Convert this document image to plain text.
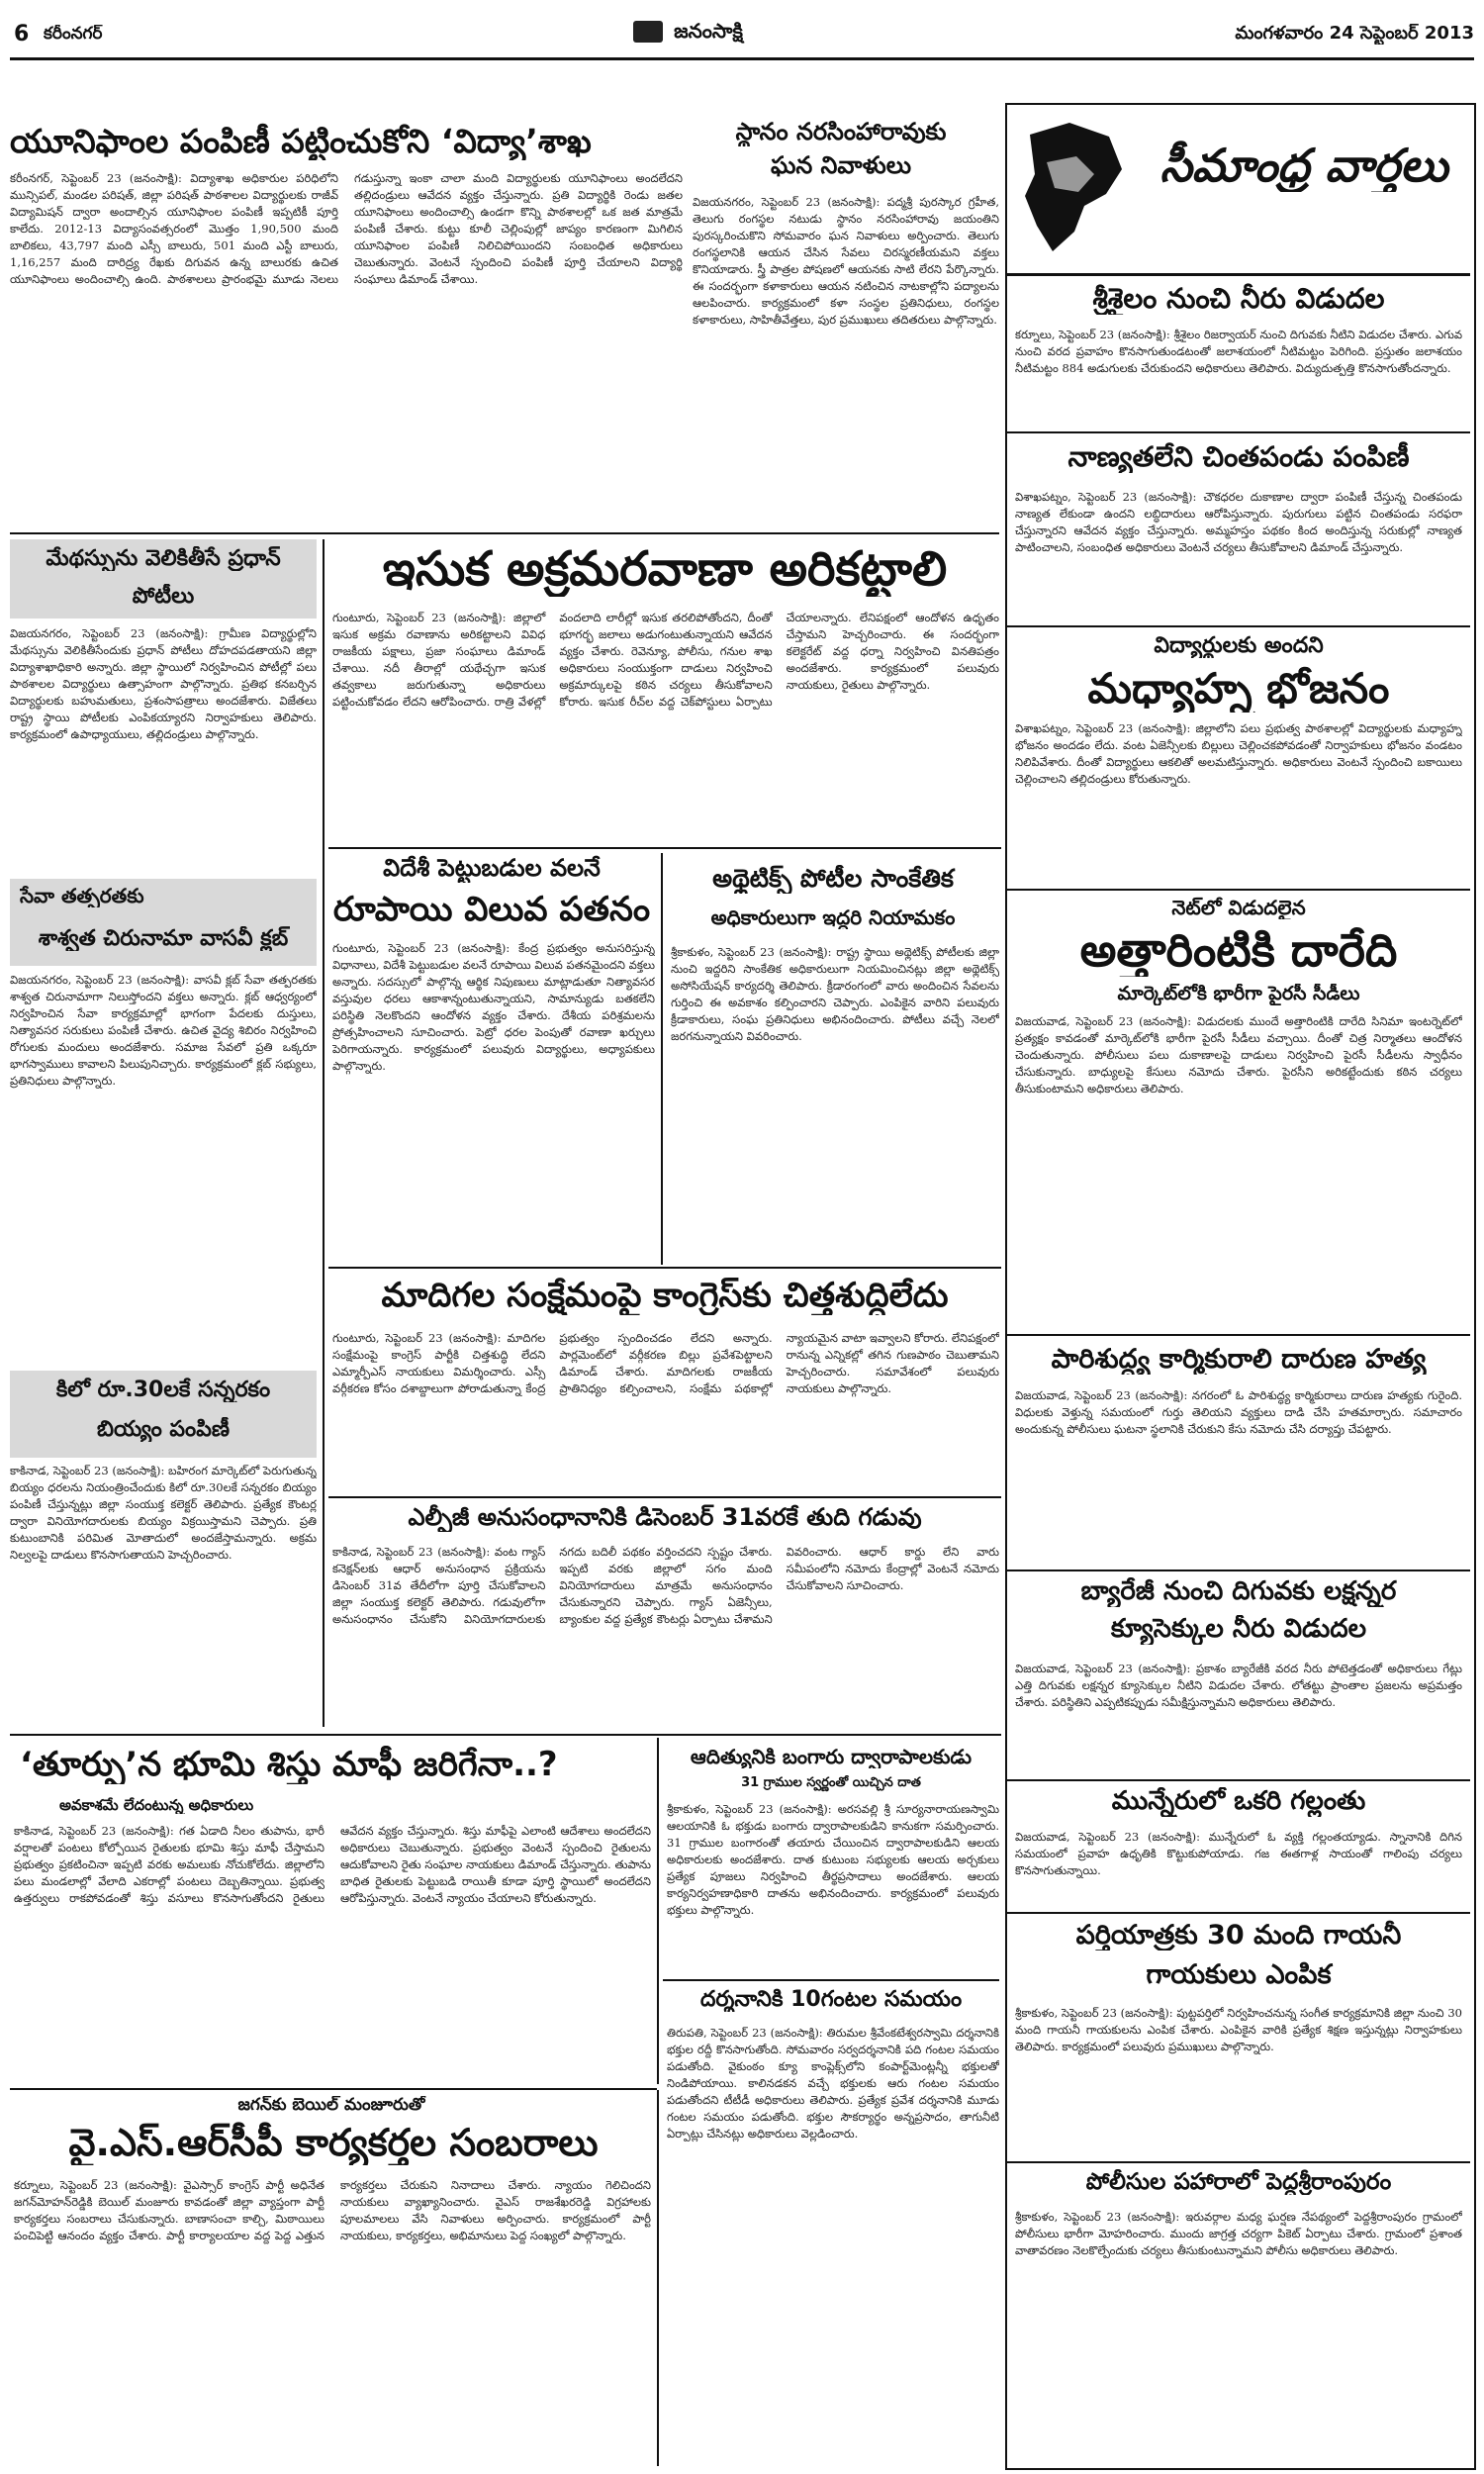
6 కరీంనగర్	జనంసాక్షి	మంగళవారం 24 సెప్టెంబర్ 2013
యూనిఫాంల పంపిణీ పట్టించుకోని ‘విద్యా’శాఖ
కరీంనగర్, సెప్టెంబర్ 23 (జనంసాక్షి): విద్యాశాఖ అధికారుల పరిధిలోని మున్సిపల్, మండల పరిషత్, జిల్లా పరిషత్ పాఠశాలల విద్యార్థులకు రాజీవ్ విద్యామిషన్ ద్వారా అందాల్సిన యూనిఫాంల పంపిణీ ఇప్పటికీ పూర్తి కాలేదు. 2012-13 విద్యాసంవత్సరంలో మొత్తం 1,90,500 మంది బాలికలు, 43,797 మంది ఎస్సీ బాలురు, 501 మంది ఎస్టీ బాలురు, 1,16,257 మంది దారిద్ర్య రేఖకు దిగువన ఉన్న బాలురకు ఉచిత యూనిఫాంలు అందించాల్సి ఉంది. పాఠశాలలు ప్రారంభమై మూడు నెలలు గడుస్తున్నా ఇంకా చాలా మంది విద్యార్థులకు యూనిఫాంలు అందలేదని తల్లిదండ్రులు ఆవేదన వ్యక్తం చేస్తున్నారు. ప్రతి విద్యార్థికి రెండు జతల యూనిఫాంలు అందించాల్సి ఉండగా కొన్ని పాఠశాలల్లో ఒక జత మాత్రమే పంపిణీ చేశారు. కుట్టు కూలీ చెల్లింపుల్లో జాప్యం కారణంగా మిగిలిన యూనిఫాంల పంపిణీ నిలిచిపోయిందని సంబంధిత అధికారులు చెబుతున్నారు. వెంటనే స్పందించి పంపిణీ పూర్తి చేయాలని విద్యార్థి సంఘాలు డిమాండ్ చేశాయి.
స్థానం నరసింహారావుకు
ఘన నివాళులు
విజయనగరం, సెప్టెంబర్ 23 (జనంసాక్షి): పద్మశ్రీ పురస్కార గ్రహీత, తెలుగు రంగస్థల నటుడు స్థానం నరసింహారావు జయంతిని పురస్కరించుకొని సోమవారం ఘన నివాళులు అర్పించారు. తెలుగు రంగస్థలానికి ఆయన చేసిన సేవలు చిరస్మరణీయమని వక్తలు కొనియాడారు. స్త్రీ పాత్రల పోషణలో ఆయనకు సాటి లేరని పేర్కొన్నారు. ఈ సందర్భంగా కళాకారులు ఆయన నటించిన నాటకాల్లోని పద్యాలను ఆలపించారు. కార్యక్రమంలో కళా సంస్థల ప్రతినిధులు, రంగస్థల కళాకారులు, సాహితీవేత్తలు, పుర ప్రముఖులు తదితరులు పాల్గొన్నారు.
మేథస్సును వెలికితీసే ప్రధాన్
పోటీలు
విజయనగరం, సెప్టెంబర్ 23 (జనంసాక్షి): గ్రామీణ విద్యార్థుల్లోని మేథస్సును వెలికితీసేందుకు ప్రధాన్ పోటీలు దోహదపడతాయని జిల్లా విద్యాశాఖాధికారి అన్నారు. జిల్లా స్థాయిలో నిర్వహించిన పోటీల్లో పలు పాఠశాలల విద్యార్థులు ఉత్సాహంగా పాల్గొన్నారు. ప్రతిభ కనబర్చిన విద్యార్థులకు బహుమతులు, ప్రశంసాపత్రాలు అందజేశారు. విజేతలు రాష్ట్ర స్థాయి పోటీలకు ఎంపికయ్యారని నిర్వాహకులు తెలిపారు. కార్యక్రమంలో ఉపాధ్యాయులు, తల్లిదండ్రులు పాల్గొన్నారు.
సేవా తత్పరతకు
శాశ్వత చిరునామా వాసవీ క్లబ్
విజయనగరం, సెప్టెంబర్ 23 (జనంసాక్షి): వాసవీ క్లబ్ సేవా తత్పరతకు శాశ్వత చిరునామాగా నిలుస్తోందని వక్తలు అన్నారు. క్లబ్ ఆధ్వర్యంలో నిర్వహించిన సేవా కార్యక్రమాల్లో భాగంగా పేదలకు దుస్తులు, నిత్యావసర సరుకులు పంపిణీ చేశారు. ఉచిత వైద్య శిబిరం నిర్వహించి రోగులకు మందులు అందజేశారు. సమాజ సేవలో ప్రతి ఒక్కరూ భాగస్వాములు కావాలని పిలుపునిచ్చారు. కార్యక్రమంలో క్లబ్ సభ్యులు, ప్రతినిధులు పాల్గొన్నారు.
కిలో రూ.30లకే సన్నరకం
బియ్యం పంపిణీ
కాకినాడ, సెప్టెంబర్ 23 (జనంసాక్షి): బహిరంగ మార్కెట్‌లో పెరుగుతున్న బియ్యం ధరలను నియంత్రించేందుకు కిలో రూ.30లకే సన్నరకం బియ్యం పంపిణీ చేస్తున్నట్లు జిల్లా సంయుక్త కలెక్టర్ తెలిపారు. ప్రత్యేక కౌంటర్ల ద్వారా వినియోగదారులకు బియ్యం విక్రయిస్తామని చెప్పారు. ప్రతి కుటుంబానికి పరిమిత మోతాదులో అందజేస్తామన్నారు. అక్రమ నిల్వలపై దాడులు కొనసాగుతాయని హెచ్చరించారు.
ఇసుక అక్రమరవాణా అరికట్టాలి
గుంటూరు, సెప్టెంబర్ 23 (జనంసాక్షి): జిల్లాలో ఇసుక అక్రమ రవాణాను అరికట్టాలని వివిధ రాజకీయ పక్షాలు, ప్రజా సంఘాలు డిమాండ్ చేశాయి. నదీ తీరాల్లో యథేచ్ఛగా ఇసుక తవ్వకాలు జరుగుతున్నా అధికారులు పట్టించుకోవడం లేదని ఆరోపించారు. రాత్రి వేళల్లో వందలాది లారీల్లో ఇసుక తరలిపోతోందని, దీంతో భూగర్భ జలాలు అడుగంటుతున్నాయని ఆవేదన వ్యక్తం చేశారు. రెవెన్యూ, పోలీసు, గనుల శాఖ అధికారులు సంయుక్తంగా దాడులు నిర్వహించి అక్రమార్కులపై కఠిన చర్యలు తీసుకోవాలని కోరారు. ఇసుక రీచ్‌ల వద్ద చెక్‌పోస్టులు ఏర్పాటు చేయాలన్నారు. లేనిపక్షంలో ఆందోళన ఉధృతం చేస్తామని హెచ్చరించారు. ఈ సందర్భంగా కలెక్టరేట్ వద్ద ధర్నా నిర్వహించి వినతిపత్రం అందజేశారు. కార్యక్రమంలో పలువురు నాయకులు, రైతులు పాల్గొన్నారు.
విదేశీ పెట్టుబడుల వలనే
రూపాయి విలువ పతనం
గుంటూరు, సెప్టెంబర్ 23 (జనంసాక్షి): కేంద్ర ప్రభుత్వం అనుసరిస్తున్న విధానాలు, విదేశీ పెట్టుబడుల వలనే రూపాయి విలువ పతనమైందని వక్తలు అన్నారు. సదస్సులో పాల్గొన్న ఆర్థిక నిపుణులు మాట్లాడుతూ నిత్యావసర వస్తువుల ధరలు ఆకాశాన్నంటుతున్నాయని, సామాన్యుడు బతకలేని పరిస్థితి నెలకొందని ఆందోళన వ్యక్తం చేశారు. దేశీయ పరిశ్రమలను ప్రోత్సహించాలని సూచించారు. పెట్రో ధరల పెంపుతో రవాణా ఖర్చులు పెరిగాయన్నారు. కార్యక్రమంలో పలువురు విద్యార్థులు, అధ్యాపకులు పాల్గొన్నారు.
అథ్లెటిక్స్ పోటీల సాంకేతిక
అధికారులుగా ఇద్దరి నియామకం
శ్రీకాకుళం, సెప్టెంబర్ 23 (జనంసాక్షి): రాష్ట్ర స్థాయి అథ్లెటిక్స్ పోటీలకు జిల్లా నుంచి ఇద్దరిని సాంకేతిక అధికారులుగా నియమించినట్లు జిల్లా అథ్లెటిక్స్ అసోసియేషన్ కార్యదర్శి తెలిపారు. క్రీడారంగంలో వారు అందించిన సేవలను గుర్తించి ఈ అవకాశం కల్పించారని చెప్పారు. ఎంపికైన వారిని పలువురు క్రీడాకారులు, సంఘ ప్రతినిధులు అభినందించారు. పోటీలు వచ్చే నెలలో జరగనున్నాయని వివరించారు.
మాదిగల సంక్షేమంపై కాంగ్రెస్‌కు చిత్తశుద్ధిలేదు
గుంటూరు, సెప్టెంబర్ 23 (జనంసాక్షి): మాదిగల సంక్షేమంపై కాంగ్రెస్ పార్టీకి చిత్తశుద్ధి లేదని ఎమ్మార్పీఎస్ నాయకులు విమర్శించారు. ఎస్సీ వర్గీకరణ కోసం దశాబ్దాలుగా పోరాడుతున్నా కేంద్ర ప్రభుత్వం స్పందించడం లేదని అన్నారు. పార్లమెంట్‌లో వర్గీకరణ బిల్లు ప్రవేశపెట్టాలని డిమాండ్ చేశారు. మాదిగలకు రాజకీయ ప్రాతినిధ్యం కల్పించాలని, సంక్షేమ పథకాల్లో న్యాయమైన వాటా ఇవ్వాలని కోరారు. లేనిపక్షంలో రానున్న ఎన్నికల్లో తగిన గుణపాఠం చెబుతామని హెచ్చరించారు. సమావేశంలో పలువురు నాయకులు పాల్గొన్నారు.
ఎల్పీజీ అనుసంధానానికి డిసెంబర్ 31వరకే తుది గడువు
కాకినాడ, సెప్టెంబర్ 23 (జనంసాక్షి): వంట గ్యాస్ కనెక్షన్‌లకు ఆధార్ అనుసంధాన ప్రక్రియను డిసెంబర్ 31వ తేదీలోగా పూర్తి చేసుకోవాలని జిల్లా సంయుక్త కలెక్టర్ తెలిపారు. గడువులోగా అనుసంధానం చేసుకోని వినియోగదారులకు నగదు బదిలీ పథకం వర్తించదని స్పష్టం చేశారు. ఇప్పటి వరకు జిల్లాలో సగం మంది వినియోగదారులు మాత్రమే అనుసంధానం చేసుకున్నారని చెప్పారు. గ్యాస్ ఏజెన్సీలు, బ్యాంకుల వద్ద ప్రత్యేక కౌంటర్లు ఏర్పాటు చేశామని వివరించారు. ఆధార్ కార్డు లేని వారు సమీపంలోని నమోదు కేంద్రాల్లో వెంటనే నమోదు చేసుకోవాలని సూచించారు.
‘తూర్పు’న భూమి శిస్తు మాఫీ జరిగేనా..?
అవకాశమే లేదంటున్న అధికారులు
కాకినాడ, సెప్టెంబర్ 23 (జనంసాక్షి): గత ఏడాది నీలం తుపాను, భారీ వర్షాలతో పంటలు కోల్పోయిన రైతులకు భూమి శిస్తు మాఫీ చేస్తామని ప్రభుత్వం ప్రకటించినా ఇప్పటి వరకు అమలుకు నోచుకోలేదు. జిల్లాలోని పలు మండలాల్లో వేలాది ఎకరాల్లో పంటలు దెబ్బతిన్నాయి. ప్రభుత్వ ఉత్తర్వులు రాకపోవడంతో శిస్తు వసూలు కొనసాగుతోందని రైతులు ఆవేదన వ్యక్తం చేస్తున్నారు. శిస్తు మాఫీపై ఎలాంటి ఆదేశాలు అందలేదని అధికారులు చెబుతున్నారు. ప్రభుత్వం వెంటనే స్పందించి రైతులను ఆదుకోవాలని రైతు సంఘాల నాయకులు డిమాండ్ చేస్తున్నారు. తుపాను బాధిత రైతులకు పెట్టుబడి రాయితీ కూడా పూర్తి స్థాయిలో అందలేదని ఆరోపిస్తున్నారు. వెంటనే న్యాయం చేయాలని కోరుతున్నారు.
ఆదిత్యునికి బంగారు ద్వారాపాలకుడు
31 గ్రాముల స్వర్ణంతో యిచ్చిన దాత
శ్రీకాకుళం, సెప్టెంబర్ 23 (జనంసాక్షి): అరసవల్లి శ్రీ సూర్యనారాయణస్వామి ఆలయానికి ఓ భక్తుడు బంగారు ద్వారాపాలకుడిని కానుకగా సమర్పించారు. 31 గ్రాముల బంగారంతో తయారు చేయించిన ద్వారాపాలకుడిని ఆలయ అధికారులకు అందజేశారు. దాత కుటుంబ సభ్యులకు ఆలయ అర్చకులు ప్రత్యేక పూజలు నిర్వహించి తీర్థప్రసాదాలు అందజేశారు. ఆలయ కార్యనిర్వహణాధికారి దాతను అభినందించారు. కార్యక్రమంలో పలువురు భక్తులు పాల్గొన్నారు.
దర్శనానికి 10గంటల సమయం
తిరుపతి, సెప్టెంబర్ 23 (జనంసాక్షి): తిరుమల శ్రీవేంకటేశ్వరస్వామి దర్శనానికి భక్తుల రద్దీ కొనసాగుతోంది. సోమవారం సర్వదర్శనానికి పది గంటల సమయం పడుతోంది. వైకుంఠం క్యూ కాంప్లెక్స్‌లోని కంపార్ట్‌మెంట్లన్నీ భక్తులతో నిండిపోయాయి. కాలినడకన వచ్చే భక్తులకు ఆరు గంటల సమయం పడుతోందని టీటీడీ అధికారులు తెలిపారు. ప్రత్యేక ప్రవేశ దర్శనానికి మూడు గంటల సమయం పడుతోంది. భక్తుల సౌకర్యార్థం అన్నప్రసాదం, తాగునీటి ఏర్పాట్లు చేసినట్లు అధికారులు వెల్లడించారు.
జగన్‌కు బెయిల్ మంజూరుతో
వై.ఎస్.ఆర్‌సీపీ కార్యకర్తల సంబరాలు
కర్నూలు, సెప్టెంబర్ 23 (జనంసాక్షి): వైఎస్సార్ కాంగ్రెస్ పార్టీ అధినేత జగన్‌మోహన్‌రెడ్డికి బెయిల్ మంజూరు కావడంతో జిల్లా వ్యాప్తంగా పార్టీ కార్యకర్తలు సంబరాలు చేసుకున్నారు. బాణాసంచా కాల్చి, మిఠాయిలు పంచిపెట్టి ఆనందం వ్యక్తం చేశారు. పార్టీ కార్యాలయాల వద్ద పెద్ద ఎత్తున కార్యకర్తలు చేరుకుని నినాదాలు చేశారు. న్యాయం గెలిచిందని నాయకులు వ్యాఖ్యానించారు. వైఎస్ రాజశేఖరరెడ్డి విగ్రహాలకు పూలమాలలు వేసి నివాళులు అర్పించారు. కార్యక్రమంలో పార్టీ నాయకులు, కార్యకర్తలు, అభిమానులు పెద్ద సంఖ్యలో పాల్గొన్నారు.
సీమాంధ్ర వార్తలు
శ్రీశైలం నుంచి నీరు విడుదల
కర్నూలు, సెప్టెంబర్ 23 (జనంసాక్షి): శ్రీశైలం రిజర్వాయర్ నుంచి దిగువకు నీటిని విడుదల చేశారు. ఎగువ నుంచి వరద ప్రవాహం కొనసాగుతుండటంతో జలాశయంలో నీటిమట్టం పెరిగింది. ప్రస్తుతం జలాశయం నీటిమట్టం 884 అడుగులకు చేరుకుందని అధికారులు తెలిపారు. విద్యుదుత్పత్తి కొనసాగుతోందన్నారు.
నాణ్యతలేని చింతపండు పంపిణీ
విశాఖపట్నం, సెప్టెంబర్ 23 (జనంసాక్షి): చౌకధరల దుకాణాల ద్వారా పంపిణీ చేస్తున్న చింతపండు నాణ్యత లేకుండా ఉందని లబ్ధిదారులు ఆరోపిస్తున్నారు. పురుగులు పట్టిన చింతపండు సరఫరా చేస్తున్నారని ఆవేదన వ్యక్తం చేస్తున్నారు. అమ్మహస్తం పథకం కింద అందిస్తున్న సరుకుల్లో నాణ్యత పాటించాలని, సంబంధిత అధికారులు వెంటనే చర్యలు తీసుకోవాలని డిమాండ్ చేస్తున్నారు.
విద్యార్థులకు అందని
మధ్యాహ్న భోజనం
విశాఖపట్నం, సెప్టెంబర్ 23 (జనంసాక్షి): జిల్లాలోని పలు ప్రభుత్వ పాఠశాలల్లో విద్యార్థులకు మధ్యాహ్న భోజనం అందడం లేదు. వంట ఏజెన్సీలకు బిల్లులు చెల్లించకపోవడంతో నిర్వాహకులు భోజనం వండటం నిలిపివేశారు. దీంతో విద్యార్థులు ఆకలితో అలమటిస్తున్నారు. అధికారులు వెంటనే స్పందించి బకాయిలు చెల్లించాలని తల్లిదండ్రులు కోరుతున్నారు.
నెట్‌లో విడుదలైన
అత్తారింటికి దారేది
మార్కెట్‌లోకి భారీగా పైరసీ సీడీలు
విజయవాడ, సెప్టెంబర్ 23 (జనంసాక్షి): విడుదలకు ముందే అత్తారింటికి దారేది సినిమా ఇంటర్నెట్‌లో ప్రత్యక్షం కావడంతో మార్కెట్‌లోకి భారీగా పైరసీ సీడీలు వచ్చాయి. దీంతో చిత్ర నిర్మాతలు ఆందోళన చెందుతున్నారు. పోలీసులు పలు దుకాణాలపై దాడులు నిర్వహించి పైరసీ సీడీలను స్వాధీనం చేసుకున్నారు. బాధ్యులపై కేసులు నమోదు చేశారు. పైరసీని అరికట్టేందుకు కఠిన చర్యలు తీసుకుంటామని అధికారులు తెలిపారు.
పారిశుద్ధ్య కార్మికురాలి దారుణ హత్య
విజయవాడ, సెప్టెంబర్ 23 (జనంసాక్షి): నగరంలో ఓ పారిశుద్ధ్య కార్మికురాలు దారుణ హత్యకు గురైంది. విధులకు వెళ్తున్న సమయంలో గుర్తు తెలియని వ్యక్తులు దాడి చేసి హతమార్చారు. సమాచారం అందుకున్న పోలీసులు ఘటనా స్థలానికి చేరుకుని కేసు నమోదు చేసి దర్యాప్తు చేపట్టారు.
బ్యారేజీ నుంచి దిగువకు లక్షన్నర
క్యూసెక్కుల నీరు విడుదల
విజయవాడ, సెప్టెంబర్ 23 (జనంసాక్షి): ప్రకాశం బ్యారేజీకి వరద నీరు పోటెత్తడంతో అధికారులు గేట్లు ఎత్తి దిగువకు లక్షన్నర క్యూసెక్కుల నీటిని విడుదల చేశారు. లోతట్టు ప్రాంతాల ప్రజలను అప్రమత్తం చేశారు. పరిస్థితిని ఎప్పటికప్పుడు సమీక్షిస్తున్నామని అధికారులు తెలిపారు.
మున్నేరులో ఒకరి గల్లంతు
విజయవాడ, సెప్టెంబర్ 23 (జనంసాక్షి): మున్నేరులో ఓ వ్యక్తి గల్లంతయ్యాడు. స్నానానికి దిగిన సమయంలో ప్రవాహ ఉధృతికి కొట్టుకుపోయాడు. గజ ఈతగాళ్ల సాయంతో గాలింపు చర్యలు కొనసాగుతున్నాయి.
పర్తియాత్రకు 30 మంది గాయనీ
గాయకులు ఎంపిక
శ్రీకాకుళం, సెప్టెంబర్ 23 (జనంసాక్షి): పుట్టపర్తిలో నిర్వహించనున్న సంగీత కార్యక్రమానికి జిల్లా నుంచి 30 మంది గాయనీ గాయకులను ఎంపిక చేశారు. ఎంపికైన వారికి ప్రత్యేక శిక్షణ ఇస్తున్నట్లు నిర్వాహకులు తెలిపారు. కార్యక్రమంలో పలువురు ప్రముఖులు పాల్గొన్నారు.
పోలీసుల పహారాలో పెద్దశ్రీరాంపురం
శ్రీకాకుళం, సెప్టెంబర్ 23 (జనంసాక్షి): ఇరువర్గాల మధ్య ఘర్షణ నేపథ్యంలో పెద్దశ్రీరాంపురం గ్రామంలో పోలీసులు భారీగా మోహరించారు. ముందు జాగ్రత్త చర్యగా పికెట్ ఏర్పాటు చేశారు. గ్రామంలో ప్రశాంత వాతావరణం నెలకొల్పేందుకు చర్యలు తీసుకుంటున్నామని పోలీసు అధికారులు తెలిపారు.
